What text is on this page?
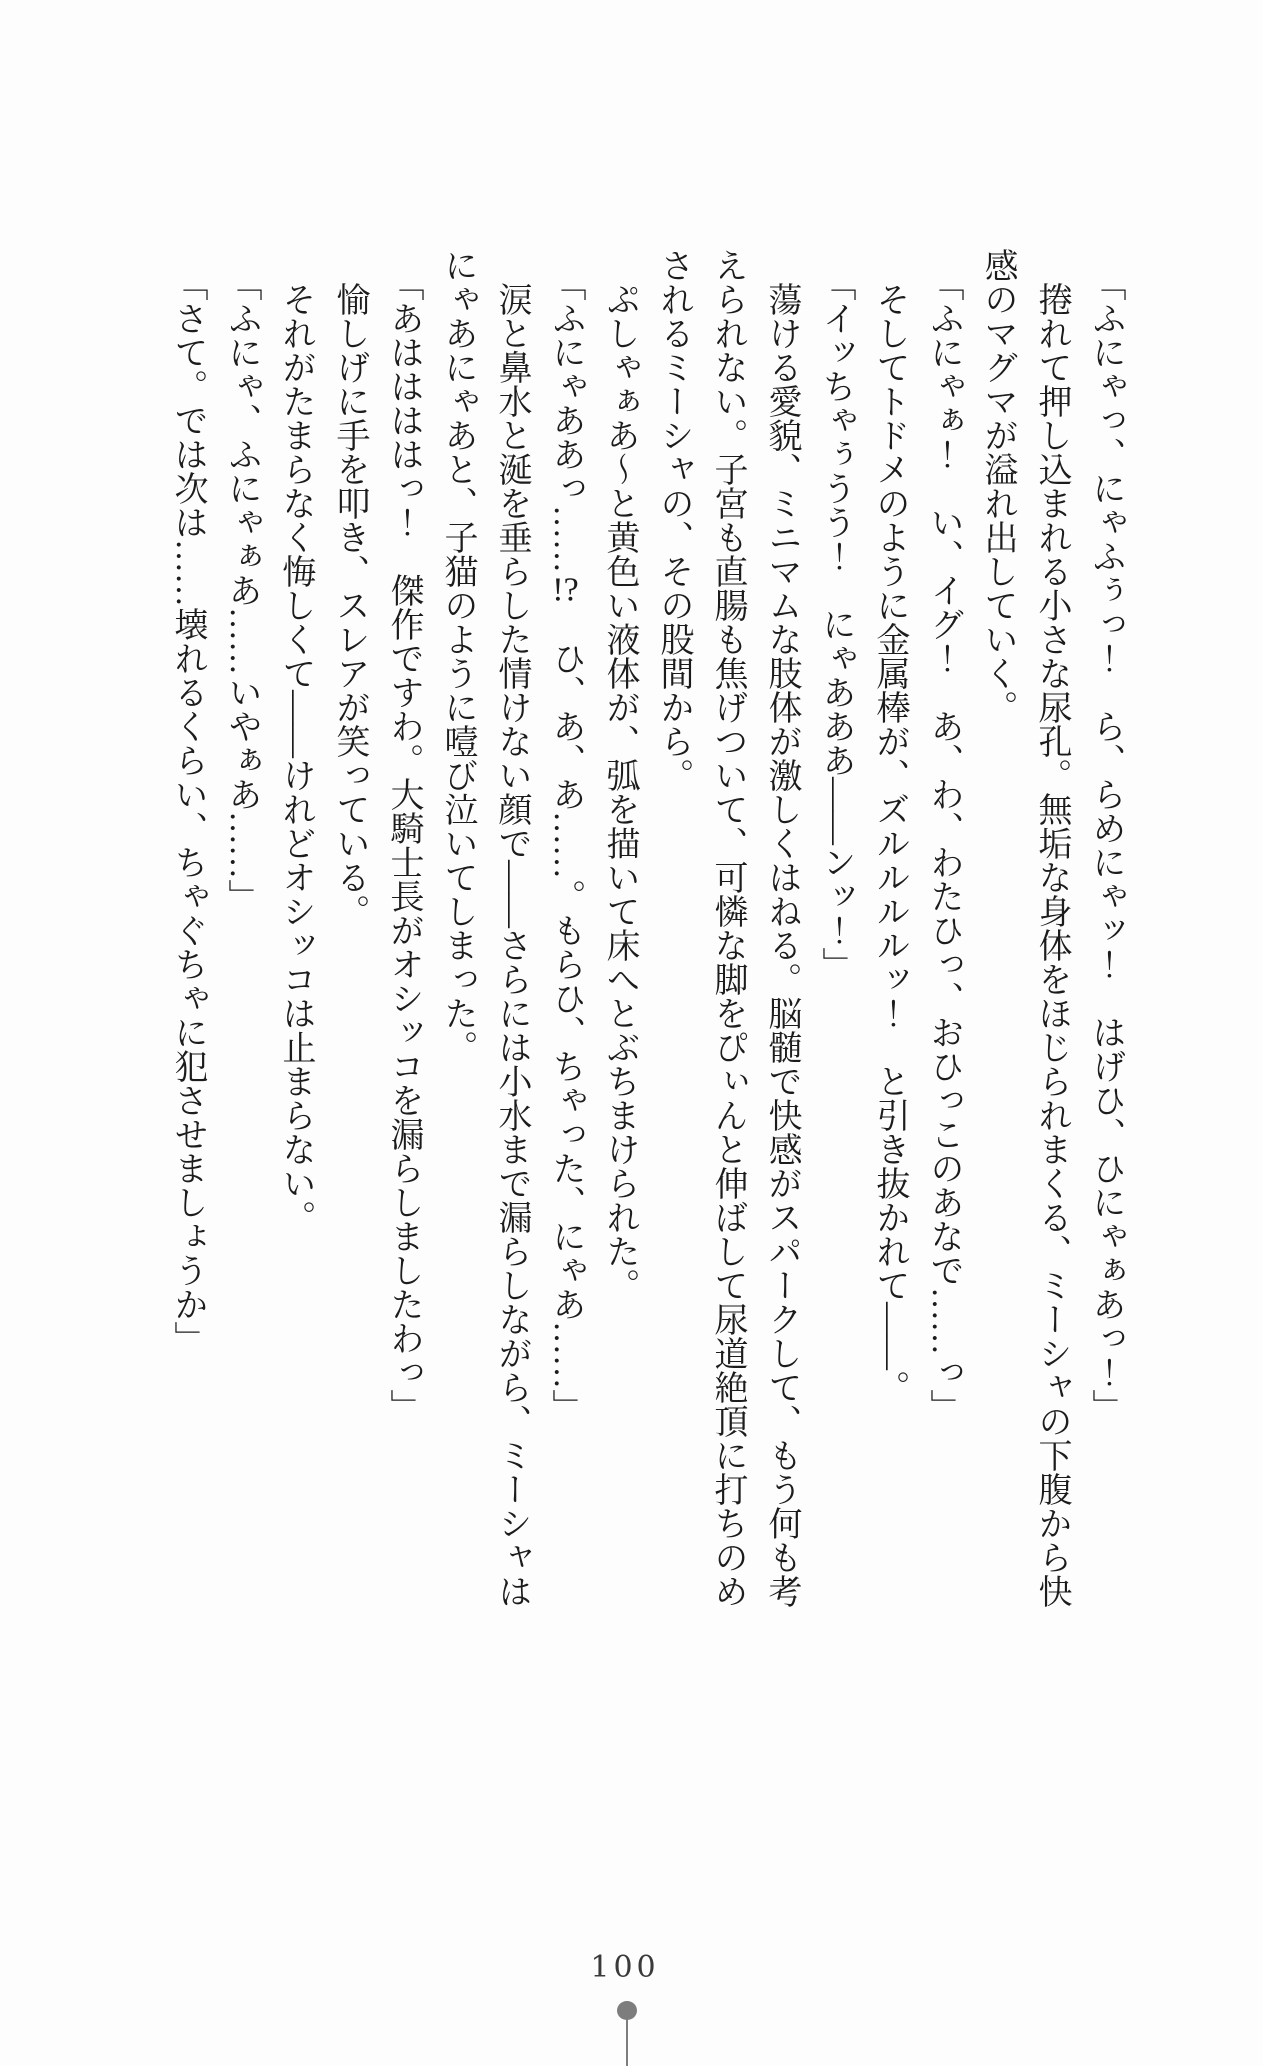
「ふにゃっ、にゃふぅっ！　ら、らめにゃッ！　はげひ、ひにゃぁあっ！」

捲れて押し込まれる小さな尿孔。無垢な身体をほじられまくる、ミーシャの下腹から快感のマグマが溢れ出していく。

「ふにゃぁ！　い、イグ！　あ、わ、わたひっ、おひっこのあなで……っ」

そしてトドメのように金属棒が、ズルルルルッ！　と引き抜かれて――。

「イッちゃぅうう！　にゃあああ――ンッ！」

蕩ける愛貌、ミニマムな肢体が激しくはねる。脳髄で快感がスパークして、もう何も考えられない。子宮も直腸も焦げついて、可憐な脚をぴぃんと伸ばして尿道絶頂に打ちのめされるミーシャの、その股間から。

ぷしゃぁあ～と黄色い液体が、弧を描いて床へとぶちまけられた。

「ふにゃああっ……!?　ひ、あ、あ……。もらひ、ちゃった、にゃあ……」

涙と鼻水と涎を垂らした情けない顔で――さらには小水まで漏らしながら、ミーシャはにゃあにゃあと、子猫のように噎び泣いてしまった。

「あははははっ！　傑作ですわ。大騎士長がオシッコを漏らしましたわっ」

愉しげに手を叩き、スレアが笑っている。

それがたまらなく悔しくて――けれどオシッコは止まらない。

「ふにゃ、ふにゃぁあ……いやぁあ……」

「さて。では次は……壊れるくらい、ちゃぐちゃに犯させましょうか」

100
